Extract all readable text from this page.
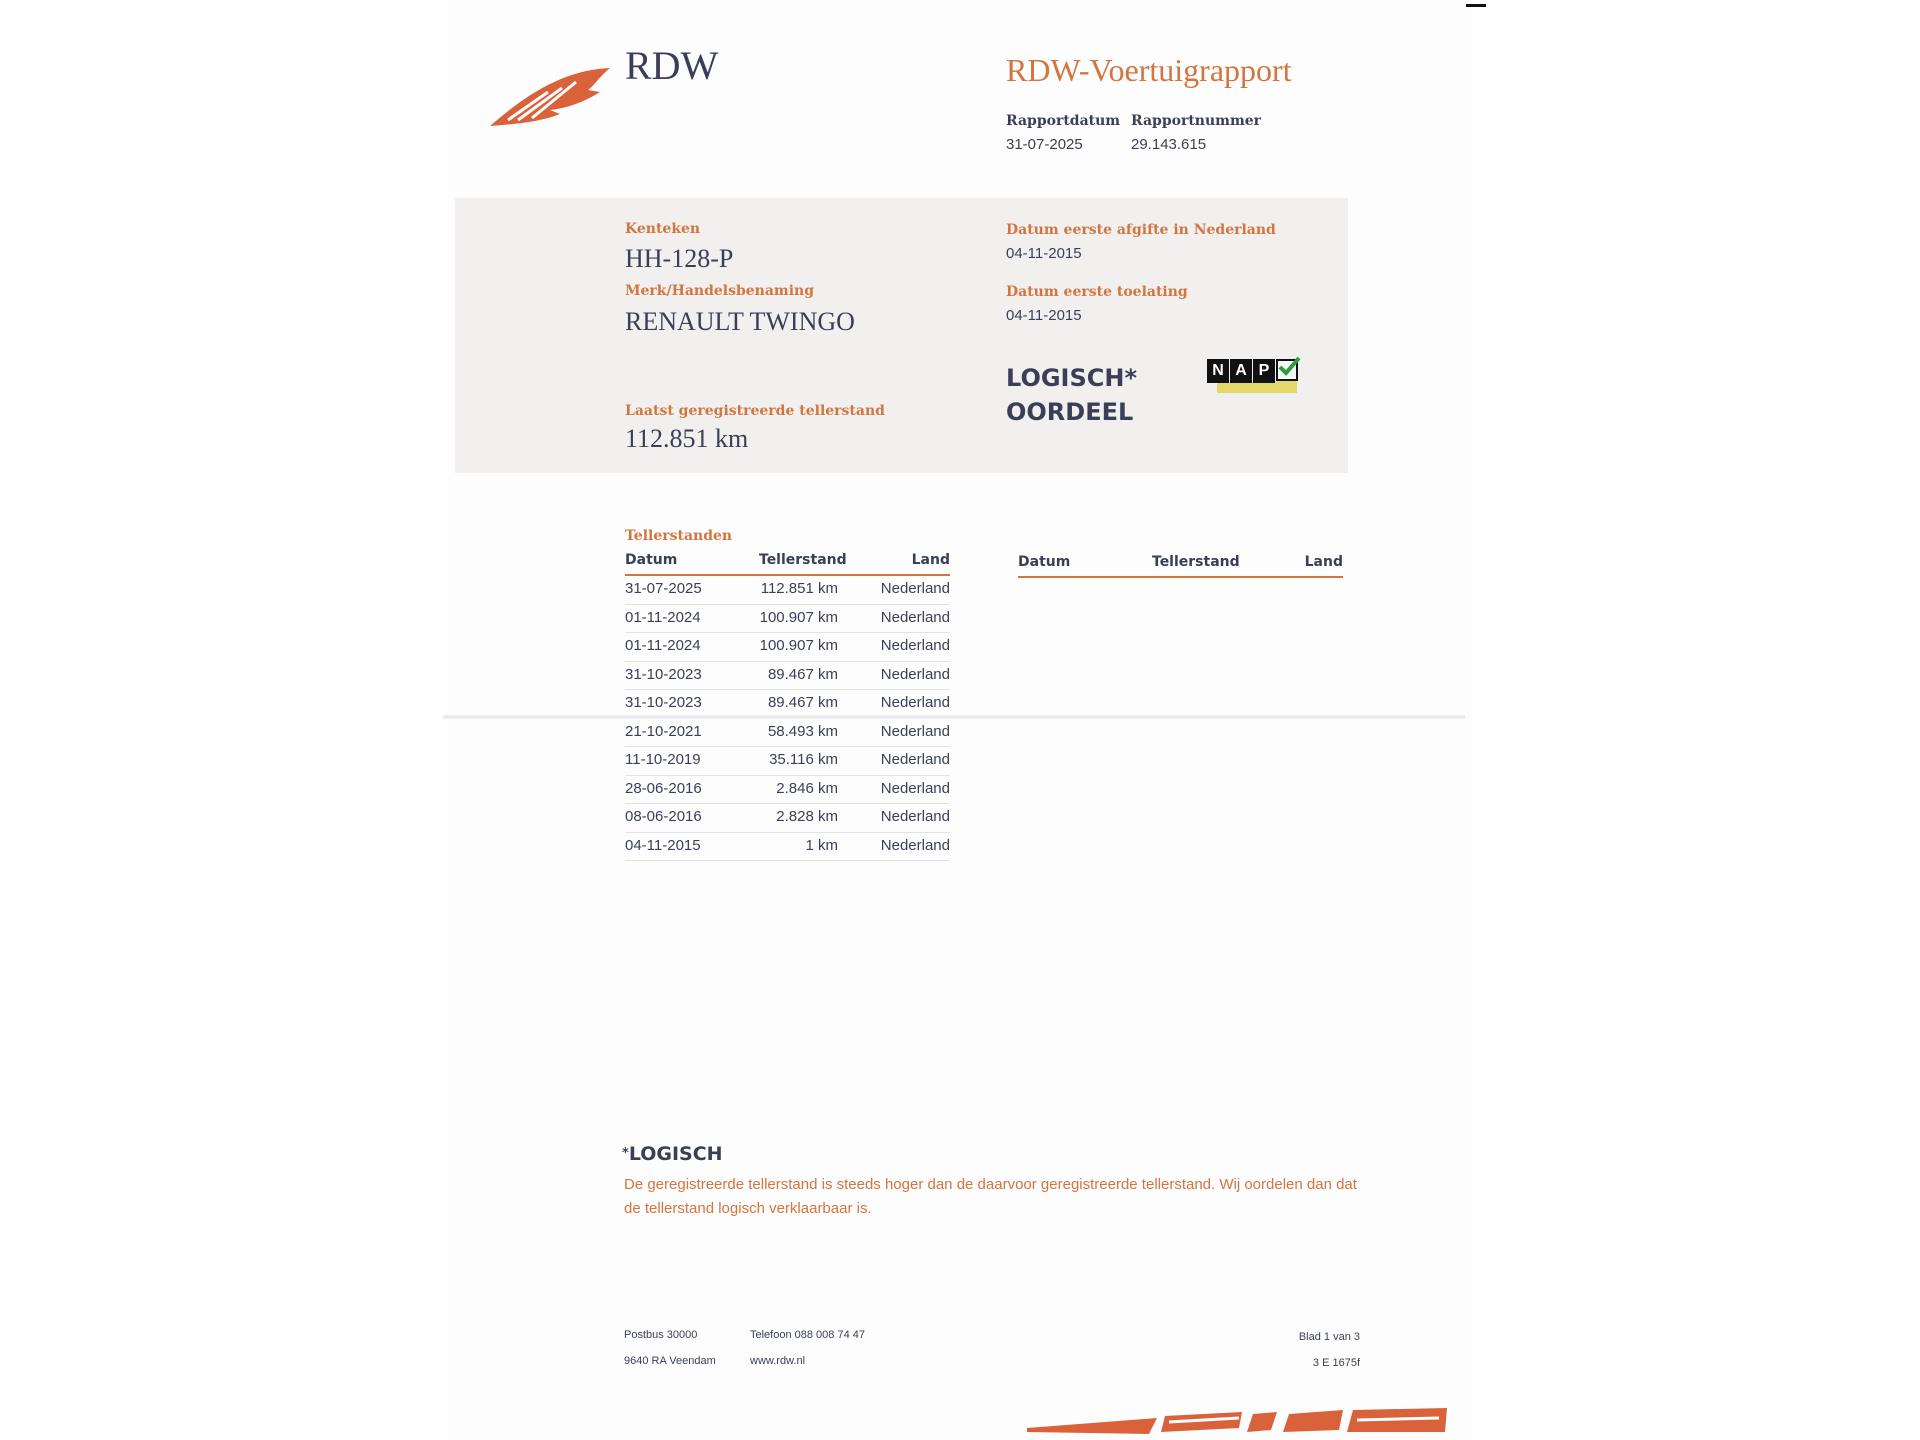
RDW	RDW-Voertuigrapport
Rapportdatum
31-07-2025
Rapportnummer
29.143.615
Kenteken
HH-128-P
Merk/Handelsbenaming
RENAULT TWINGO
Laatst geregistreerde tellerstand
112.851 km
Datum eerste afgifte in Nederland
04-11-2015
Datum eerste toelating
04-11-2015
LOGISCH*
OORDEEL
N A P
Tellerstanden
Datum	Tellerstand	Land
31-07-2025	112.851 km	Nederland
01-11-2024	100.907 km	Nederland
01-11-2024	100.907 km	Nederland
31-10-2023	89.467 km	Nederland
31-10-2023	89.467 km	Nederland
21-10-2021	58.493 km	Nederland
11-10-2019	35.116 km	Nederland
28-06-2016	2.846 km	Nederland
08-06-2016	2.828 km	Nederland
04-11-2015	1 km	Nederland
Datum	Tellerstand	Land
*LOGISCH
De geregistreerde tellerstand is steeds hoger dan de daarvoor geregistreerde tellerstand. Wij oordelen dan dat de tellerstand logisch verklaarbaar is.
Postbus 30000
9640 RA Veendam
Telefoon 088 008 74 47
www.rdw.nl
Blad 1 van 3
3 E 1675f
